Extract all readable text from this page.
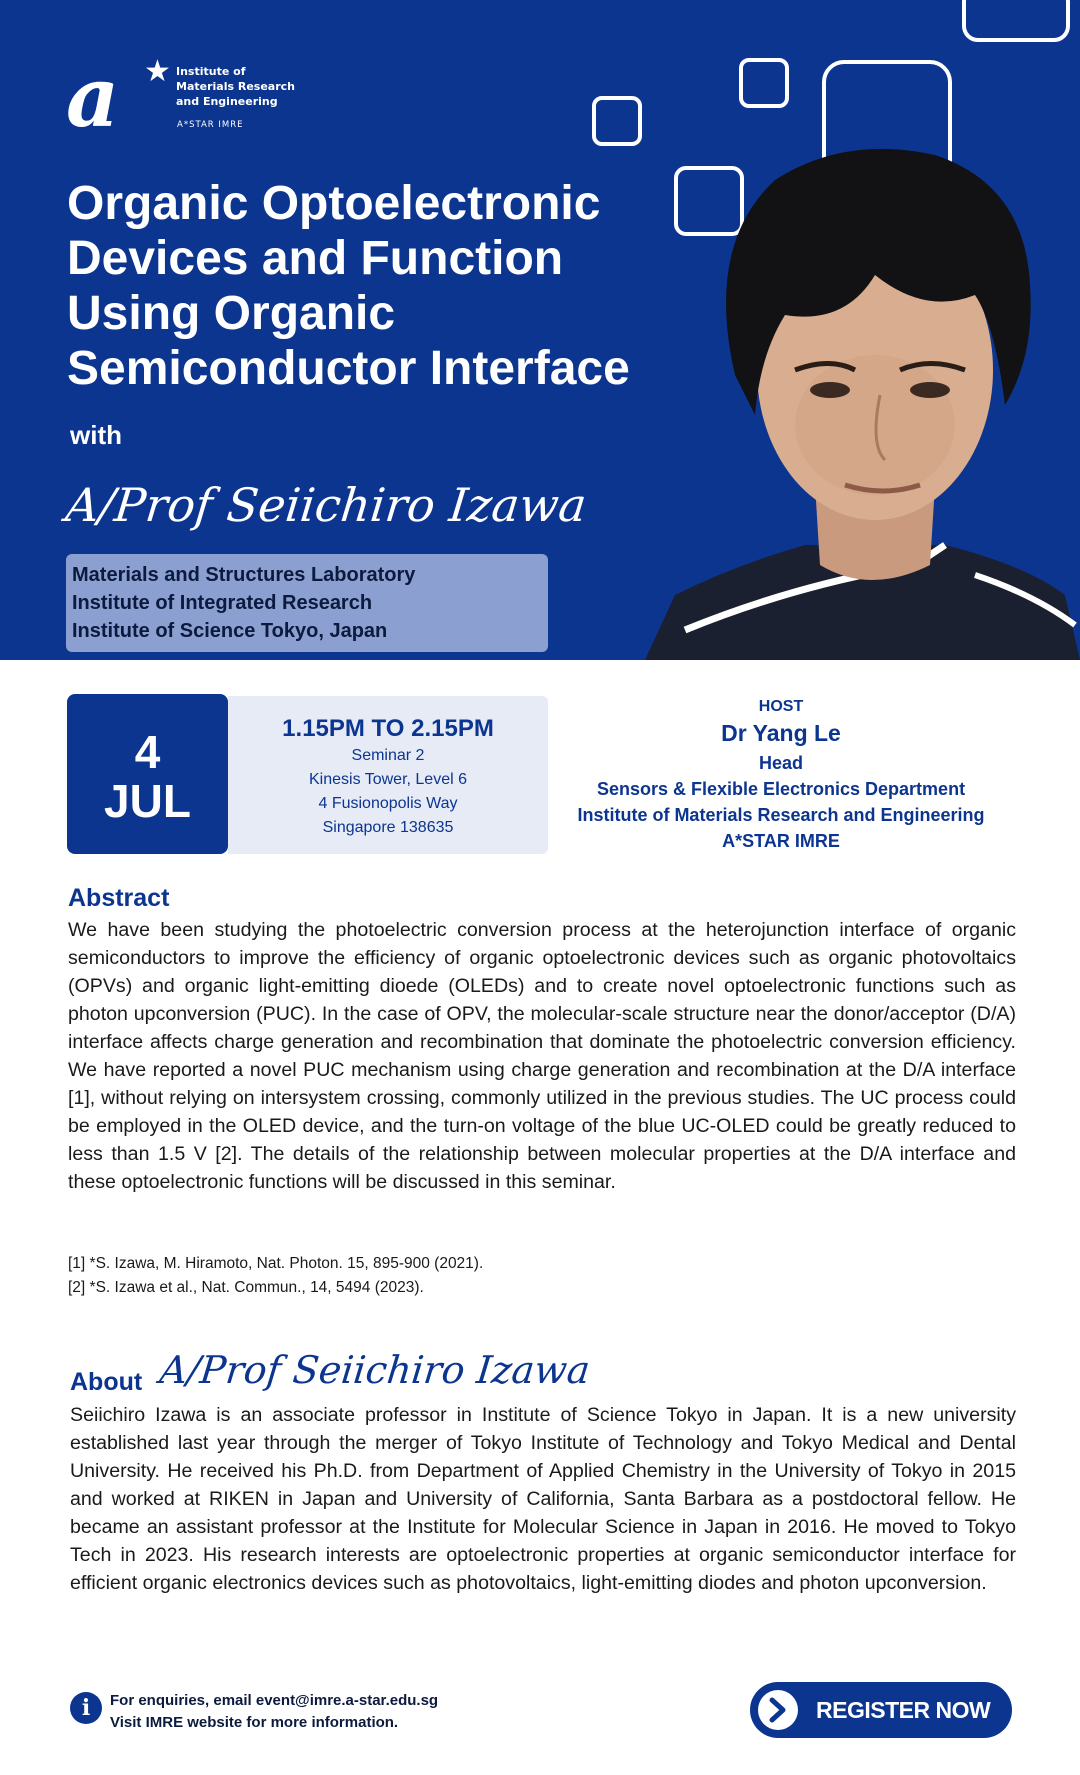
a ★ Institute of
Materials Research
and Engineering
A*STAR IMRE
Organic Optoelectronic Devices and Function Using Organic Semiconductor Interface
with
A/Prof Seiichiro Izawa
Materials and Structures Laboratory
Institute of Integrated Research
Institute of Science Tokyo, Japan
4
JUL
1.15PM TO 2.15PM
Seminar 2
Kinesis Tower, Level 6
4 Fusionopolis Way
Singapore 138635
HOST
Dr Yang Le
Head
Sensors & Flexible Electronics Department
Institute of Materials Research and Engineering
A*STAR IMRE
Abstract
We have been studying the photoelectric conversion process at the heterojunction interface of organic semiconductors to improve the efficiency of organic optoelectronic devices such as organic photovoltaics (OPVs) and organic light-emitting dioede (OLEDs) and to create novel optoelectronic functions such as photon upconversion (PUC). In the case of OPV, the molecular-scale structure near the donor/acceptor (D/A) interface affects charge generation and recombination that dominate the photoelectric conversion efficiency. We have reported a novel PUC mechanism using charge generation and recombination at the D/A interface [1], without relying on intersystem crossing, commonly utilized in the previous studies. The UC process could be employed in the OLED device, and the turn-on voltage of the blue UC-OLED could be greatly reduced to less than 1.5 V [2]. The details of the relationship between molecular properties at the D/A interface and these optoelectronic functions will be discussed in this seminar.
[1] *S. Izawa, M. Hiramoto, Nat. Photon. 15, 895-900 (2021).
[2] *S. Izawa et al., Nat. Commun., 14, 5494 (2023).
About A/Prof Seiichiro Izawa
Seiichiro Izawa is an associate professor in Institute of Science Tokyo in Japan. It is a new university established last year through the merger of Tokyo Institute of Technology and Tokyo Medical and Dental University. He received his Ph.D. from Department of Applied Chemistry in the University of Tokyo in 2015 and worked at RIKEN in Japan and University of California, Santa Barbara as a postdoctoral fellow. He became an assistant professor at the Institute for Molecular Science in Japan in 2016. He moved to Tokyo Tech in 2023. His research interests are optoelectronic properties at organic semiconductor interface for efficient organic electronics devices such as photovoltaics, light-emitting diodes and photon upconversion.
i	For enquiries, email event@imre.a-star.edu.sg
Visit IMRE website for more information.	REGISTER NOW
